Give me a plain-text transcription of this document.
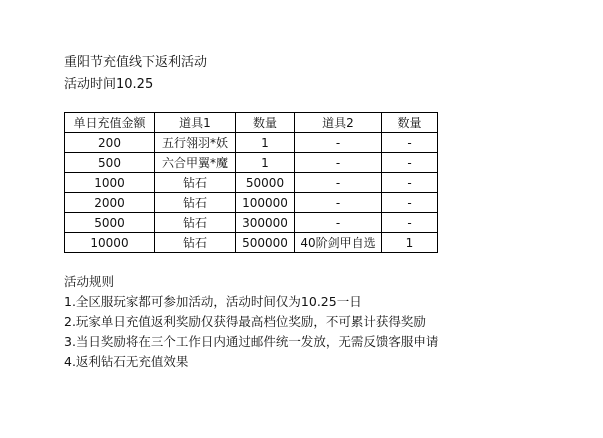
重阳节充值线下返利活动
活动时间10.25
单日充值金额	道具1	数量	道具2	数量
200	五行翎羽*妖	1	-	-
500	六合甲翼*魔	1	-	-
1000	钻石	50000	-	-
2000	钻石	100000	-	-
5000	钻石	300000	-	-
10000	钻石	500000	40阶剑甲自选	1
活动规则
1.全区服玩家都可参加活动，活动时间仅为10.25一日
2.玩家单日充值返利奖励仅获得最高档位奖励，不可累计获得奖励
3.当日奖励将在三个工作日内通过邮件统一发放，无需反馈客服申请
4.返利钻石无充值效果
